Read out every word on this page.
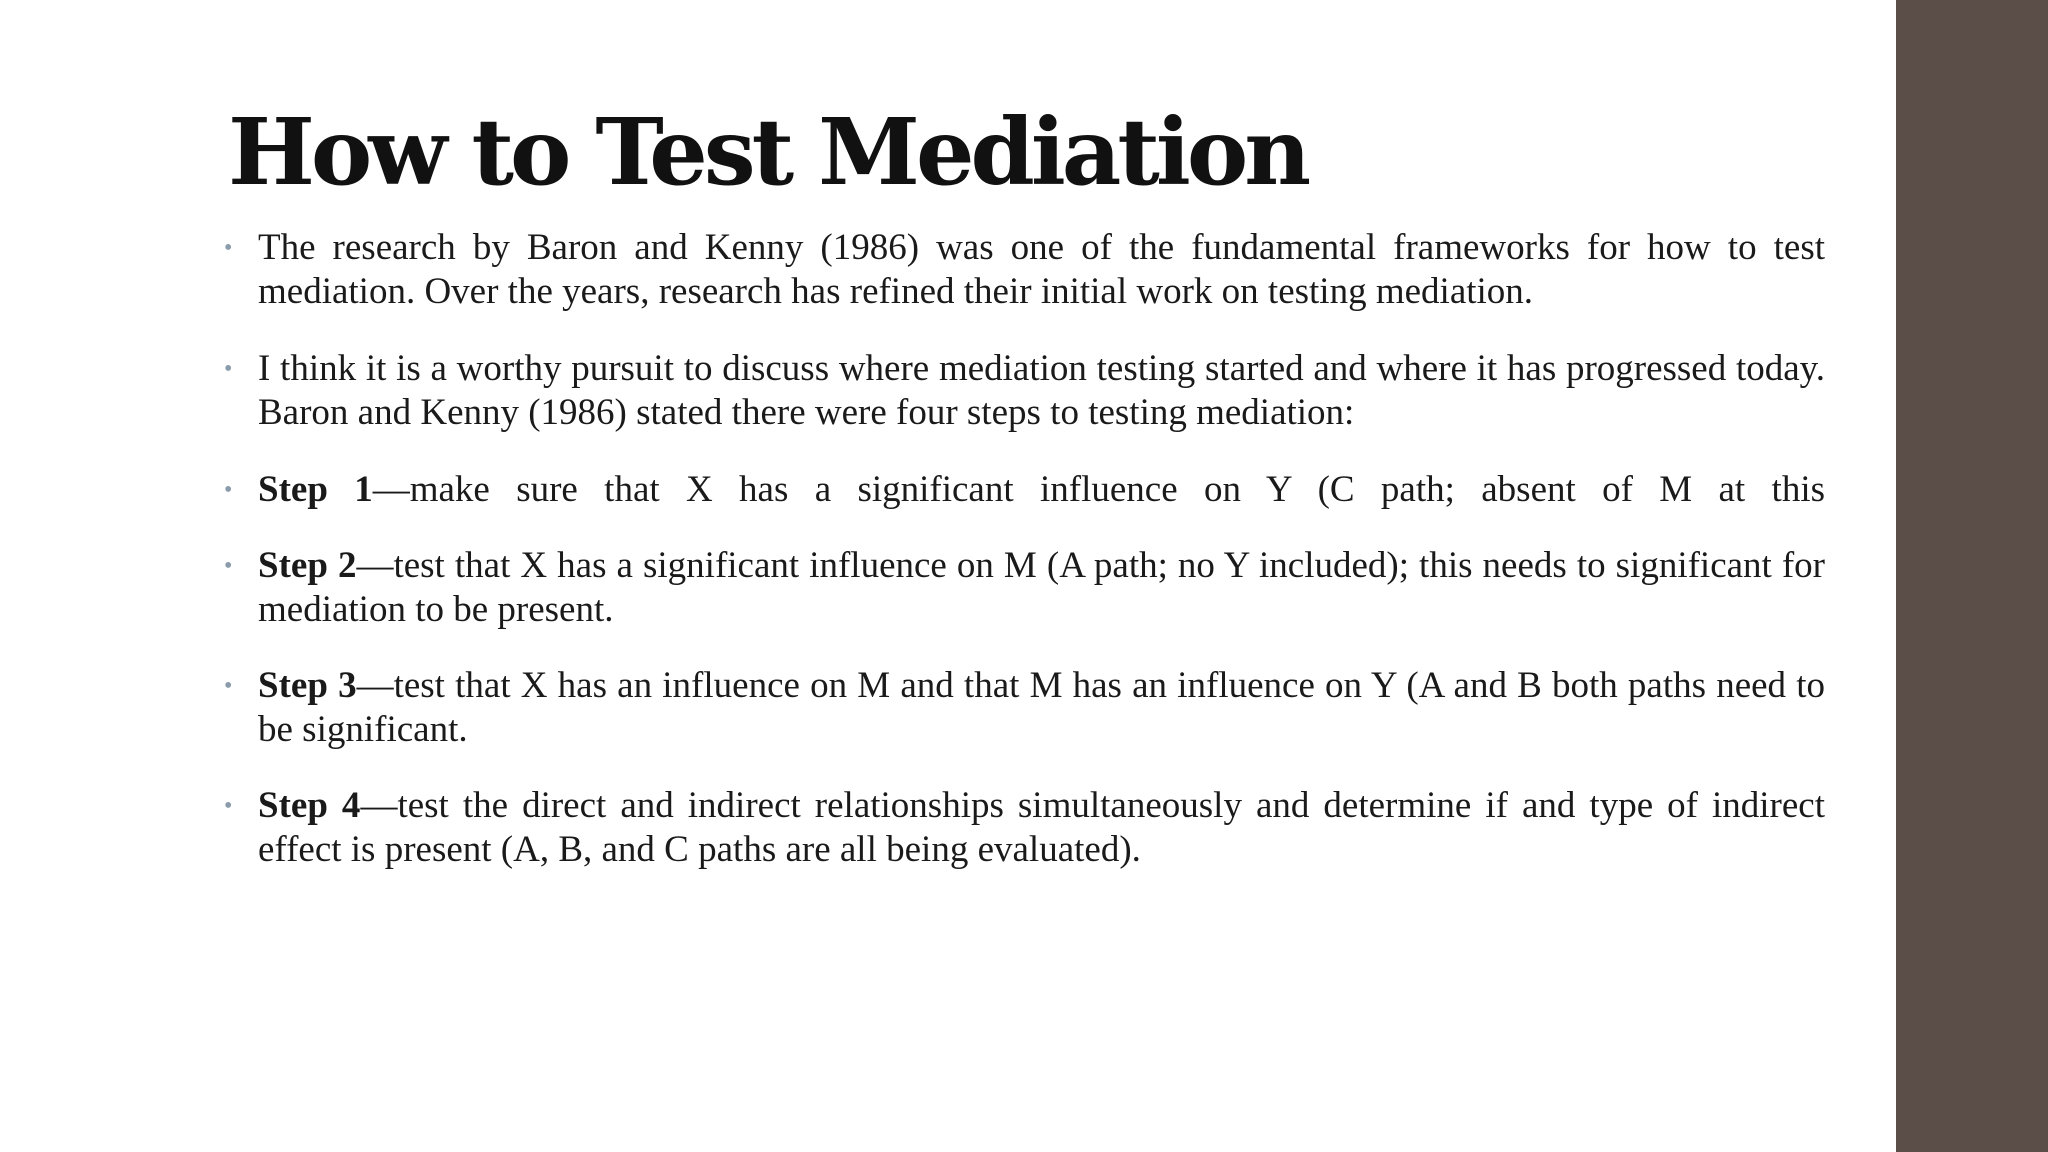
How to Test Mediation
• The research by Baron and Kenny (1986) was one of the fundamental frameworks for how to test mediation. Over the years, research has refined their initial work on testing mediation.
• I think it is a worthy pursuit to discuss where mediation testing started and where it has progressed today. Baron and Kenny (1986) stated there were four steps to testing mediation:
• Step 1—make sure that X has a significant influence on Y (C path; absent of M at this
• Step 2—test that X has a significant influence on M (A path; no Y included); this needs to significant for mediation to be present.
• Step 3—test that X has an influence on M and that M has an influence on Y (A and B both paths need to be significant.
• Step 4—test the direct and indirect relationships simultaneously and determine if and type of indirect effect is present (A, B, and C paths are all being evaluated).
